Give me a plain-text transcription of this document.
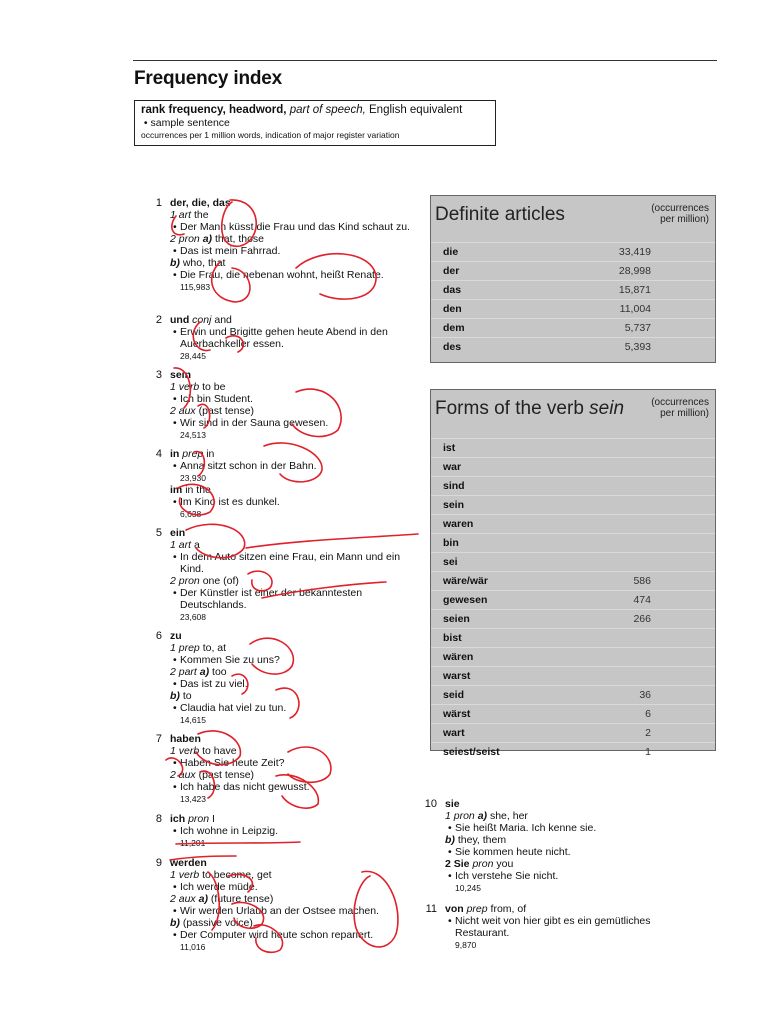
Frequency index
rank frequency, headword, part of speech, English equivalent
• sample sentence
occurrences per 1 million words, indication of major register variation
1 der, die, das
1 art the
• Der Mann küsst die Frau und das Kind schaut zu.
2 pron a) that, those
• Das ist mein Fahrrad.
b) who, that
• Die Frau, die nebenan wohnt, heißt Renate.
115,983
2 und conj and
• Erwin und Brigitte gehen heute Abend in den Auerbachkeller essen.
28,445
3 sein
1 verb to be
• Ich bin Student.
2 aux (past tense)
• Wir sind in der Sauna gewesen.
24,513
4 in prep in
• Anna sitzt schon in der Bahn.
23,930
im in the
• Im Kino ist es dunkel.
6,638
5 ein
1 art a
• In dem Auto sitzen eine Frau, ein Mann und ein Kind.
2 pron one (of)
• Der Künstler ist einer der bekanntesten Deutschlands.
23,608
6 zu
1 prep to, at
• Kommen Sie zu uns?
2 part a) too
• Das ist zu viel.
b) to
• Claudia hat viel zu tun.
14,615
7 haben
1 verb to have
• Haben Sie heute Zeit?
2 aux (past tense)
• Ich habe das nicht gewusst.
13,423
8 ich pron I
• Ich wohne in Leipzig.
11,201
9 werden
1 verb to become, get
• Ich werde müde.
2 aux a) (future tense)
• Wir werden Urlaub an der Ostsee machen.
b) (passive voice)
• Der Computer wird heute schon repariert.
11,016
10 sie
1 pron a) she, her
• Sie heißt Maria. Ich kenne sie.
b) they, them
• Sie kommen heute nicht.
2 Sie pron you
• Ich verstehe Sie nicht.
10,245
11 von prep from, of
• Nicht weit von hier gibt es ein gemütliches Restaurant.
9,870
Definite articles	(occurrences
per million)
die	33,419
der	28,998
das	15,871
den	11,004
dem	5,737
des	5,393
Forms of the verb sein	(occurrences
per million)
ist
war
sind
sein
waren
bin
sei
wäre/wär	586
gewesen	474
seien	266
bist
wären
warst
seid	36
wärst	6
wart	2
seiest/seist	1
